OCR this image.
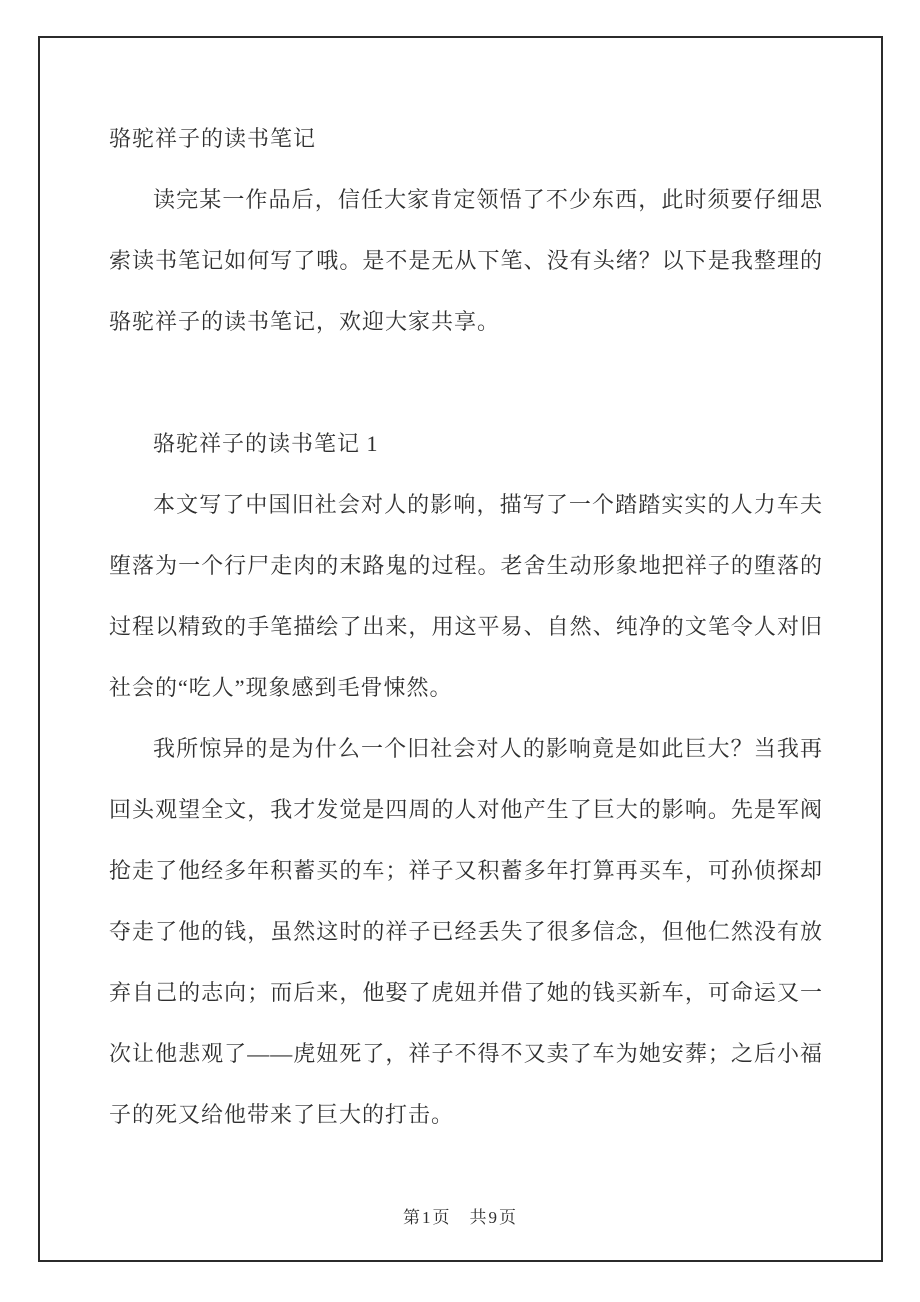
骆驼祥子的读书笔记

读完某一作品后，信任大家肯定领悟了不少东西，此时须要仔细思索读书笔记如何写了哦。是不是无从下笔、没有头绪？以下是我整理的骆驼祥子的读书笔记，欢迎大家共享。

骆驼祥子的读书笔记 1

本文写了中国旧社会对人的影响，描写了一个踏踏实实的人力车夫堕落为一个行尸走肉的末路鬼的过程。老舍生动形象地把祥子的堕落的过程以精致的手笔描绘了出来，用这平易、自然、纯净的文笔令人对旧社会的“吃人”现象感到毛骨悚然。

我所惊异的是为什么一个旧社会对人的影响竟是如此巨大？当我再回头观望全文，我才发觉是四周的人对他产生了巨大的影响。先是军阀抢走了他经多年积蓄买的车；祥子又积蓄多年打算再买车，可孙侦探却夺走了他的钱，虽然这时的祥子已经丢失了很多信念，但他仁然没有放弃自己的志向；而后来，他娶了虎妞并借了她的钱买新车，可命运又一次让他悲观了——虎妞死了，祥子不得不又卖了车为她安葬；之后小福子的死又给他带来了巨大的打击。

第1页 共9页
